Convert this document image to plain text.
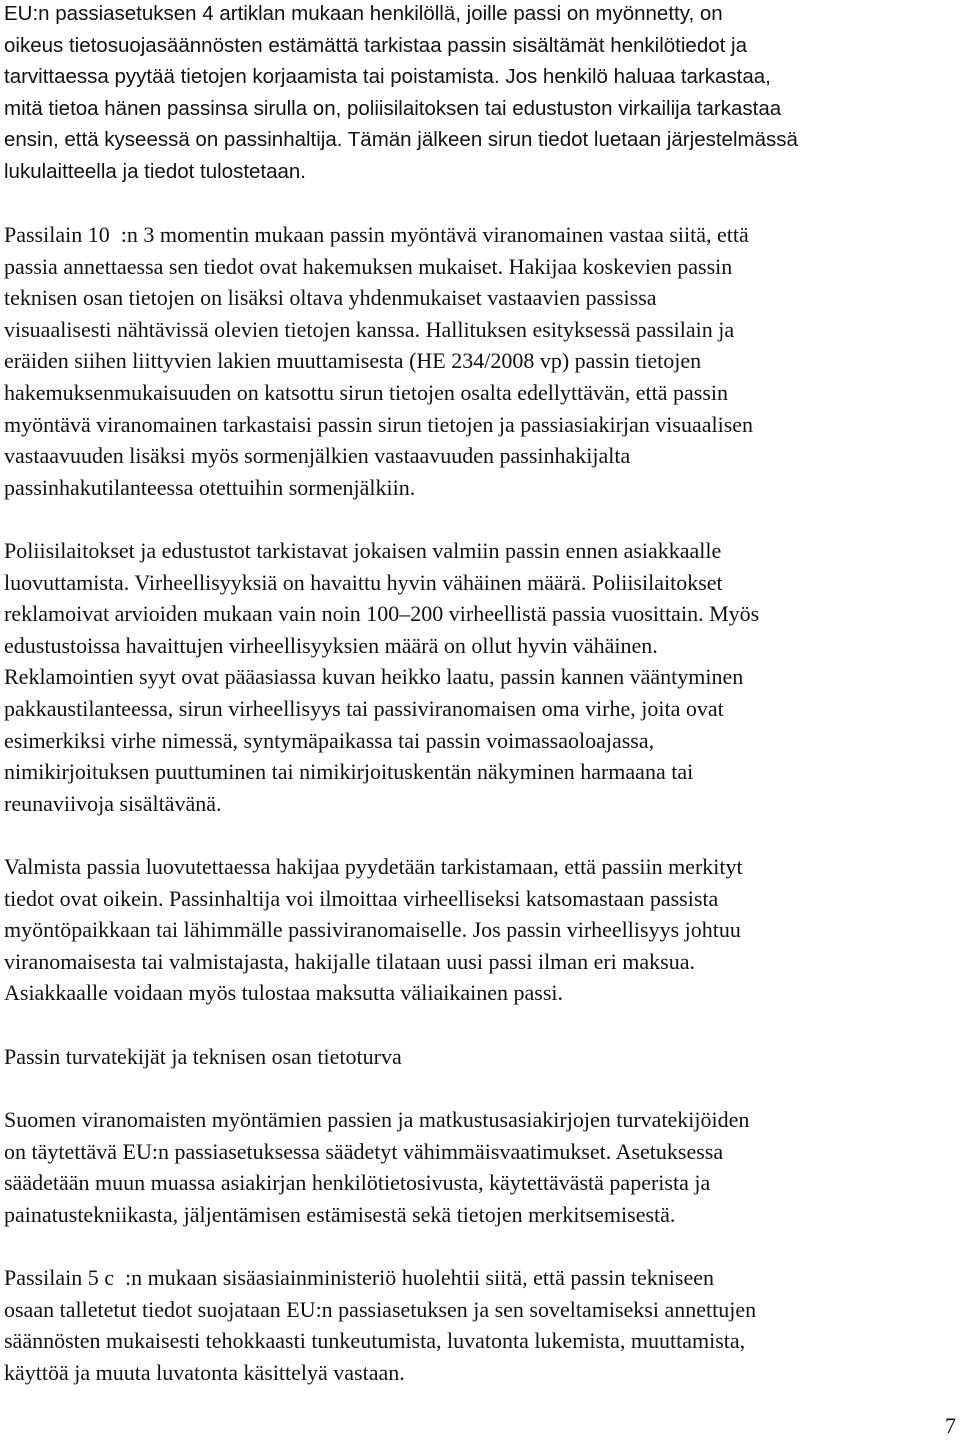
EU:n passiasetuksen 4 artiklan mukaan henkilöllä, joille passi on myönnetty, on
oikeus tietosuojasäännösten estämättä tarkistaa passin sisältämät henkilötiedot ja
tarvittaessa pyytää tietojen korjaamista tai poistamista. Jos henkilö haluaa tarkastaa,
mitä tietoa hänen passinsa sirulla on, poliisilaitoksen tai edustuston virkailija tarkastaa
ensin, että kyseessä on passinhaltija. Tämän jälkeen sirun tiedot luetaan järjestelmässä
lukulaitteella ja tiedot tulostetaan.
Passilain 10  :n 3 momentin mukaan passin myöntävä viranomainen vastaa siitä, että
passia annettaessa sen tiedot ovat hakemuksen mukaiset. Hakijaa koskevien passin
teknisen osan tietojen on lisäksi oltava yhdenmukaiset vastaavien passissa
visuaalisesti nähtävissä olevien tietojen kanssa. Hallituksen esityksessä passilain ja
eräiden siihen liittyvien lakien muuttamisesta (HE 234/2008 vp) passin tietojen
hakemuksenmukaisuuden on katsottu sirun tietojen osalta edellyttävän, että passin
myöntävä viranomainen tarkastaisi passin sirun tietojen ja passiasiakirjan visuaalisen
vastaavuuden lisäksi myös sormenjälkien vastaavuuden passinhakijalta
passinhakutilanteessa otettuihin sormenjälkiin.
Poliisilaitokset ja edustustot tarkistavat jokaisen valmiin passin ennen asiakkaalle
luovuttamista. Virheellisyyksiä on havaittu hyvin vähäinen määrä. Poliisilaitokset
reklamoivat arvioiden mukaan vain noin 100–200 virheellistä passia vuosittain. Myös
edustustoissa havaittujen virheellisyyksien määrä on ollut hyvin vähäinen.
Reklamointien syyt ovat pääasiassa kuvan heikko laatu, passin kannen vääntyminen
pakkaustilanteessa, sirun virheellisyys tai passiviranomaisen oma virhe, joita ovat
esimerkiksi virhe nimessä, syntymäpaikassa tai passin voimassaoloajassa,
nimikirjoituksen puuttuminen tai nimikirjoituskentän näkyminen harmaana tai
reunaviivoja sisältävänä.
Valmista passia luovutettaessa hakijaa pyydetään tarkistamaan, että passiin merkityt
tiedot ovat oikein. Passinhaltija voi ilmoittaa virheelliseksi katsomastaan passista
myöntöpaikkaan tai lähimmälle passiviranomaiselle. Jos passin virheellisyys johtuu
viranomaisesta tai valmistajasta, hakijalle tilataan uusi passi ilman eri maksua.
Asiakkaalle voidaan myös tulostaa maksutta väliaikainen passi.
Passin turvatekijät ja teknisen osan tietoturva
Suomen viranomaisten myöntämien passien ja matkustusasiakirjojen turvatekijöiden
on täytettävä EU:n passiasetuksessa säädetyt vähimmäisvaatimukset. Asetuksessa
säädetään muun muassa asiakirjan henkilötietosivusta, käytettävästä paperista ja
painatustekniikasta, jäljentämisen estämisestä sekä tietojen merkitsemisestä.
Passilain 5 c  :n mukaan sisäasiainministeriö huolehtii siitä, että passin tekniseen
osaan talletetut tiedot suojataan EU:n passiasetuksen ja sen soveltamiseksi annettujen
säännösten mukaisesti tehokkaasti tunkeutumista, luvatonta lukemista, muuttamista,
käyttöä ja muuta luvatonta käsittelyä vastaan.
7
